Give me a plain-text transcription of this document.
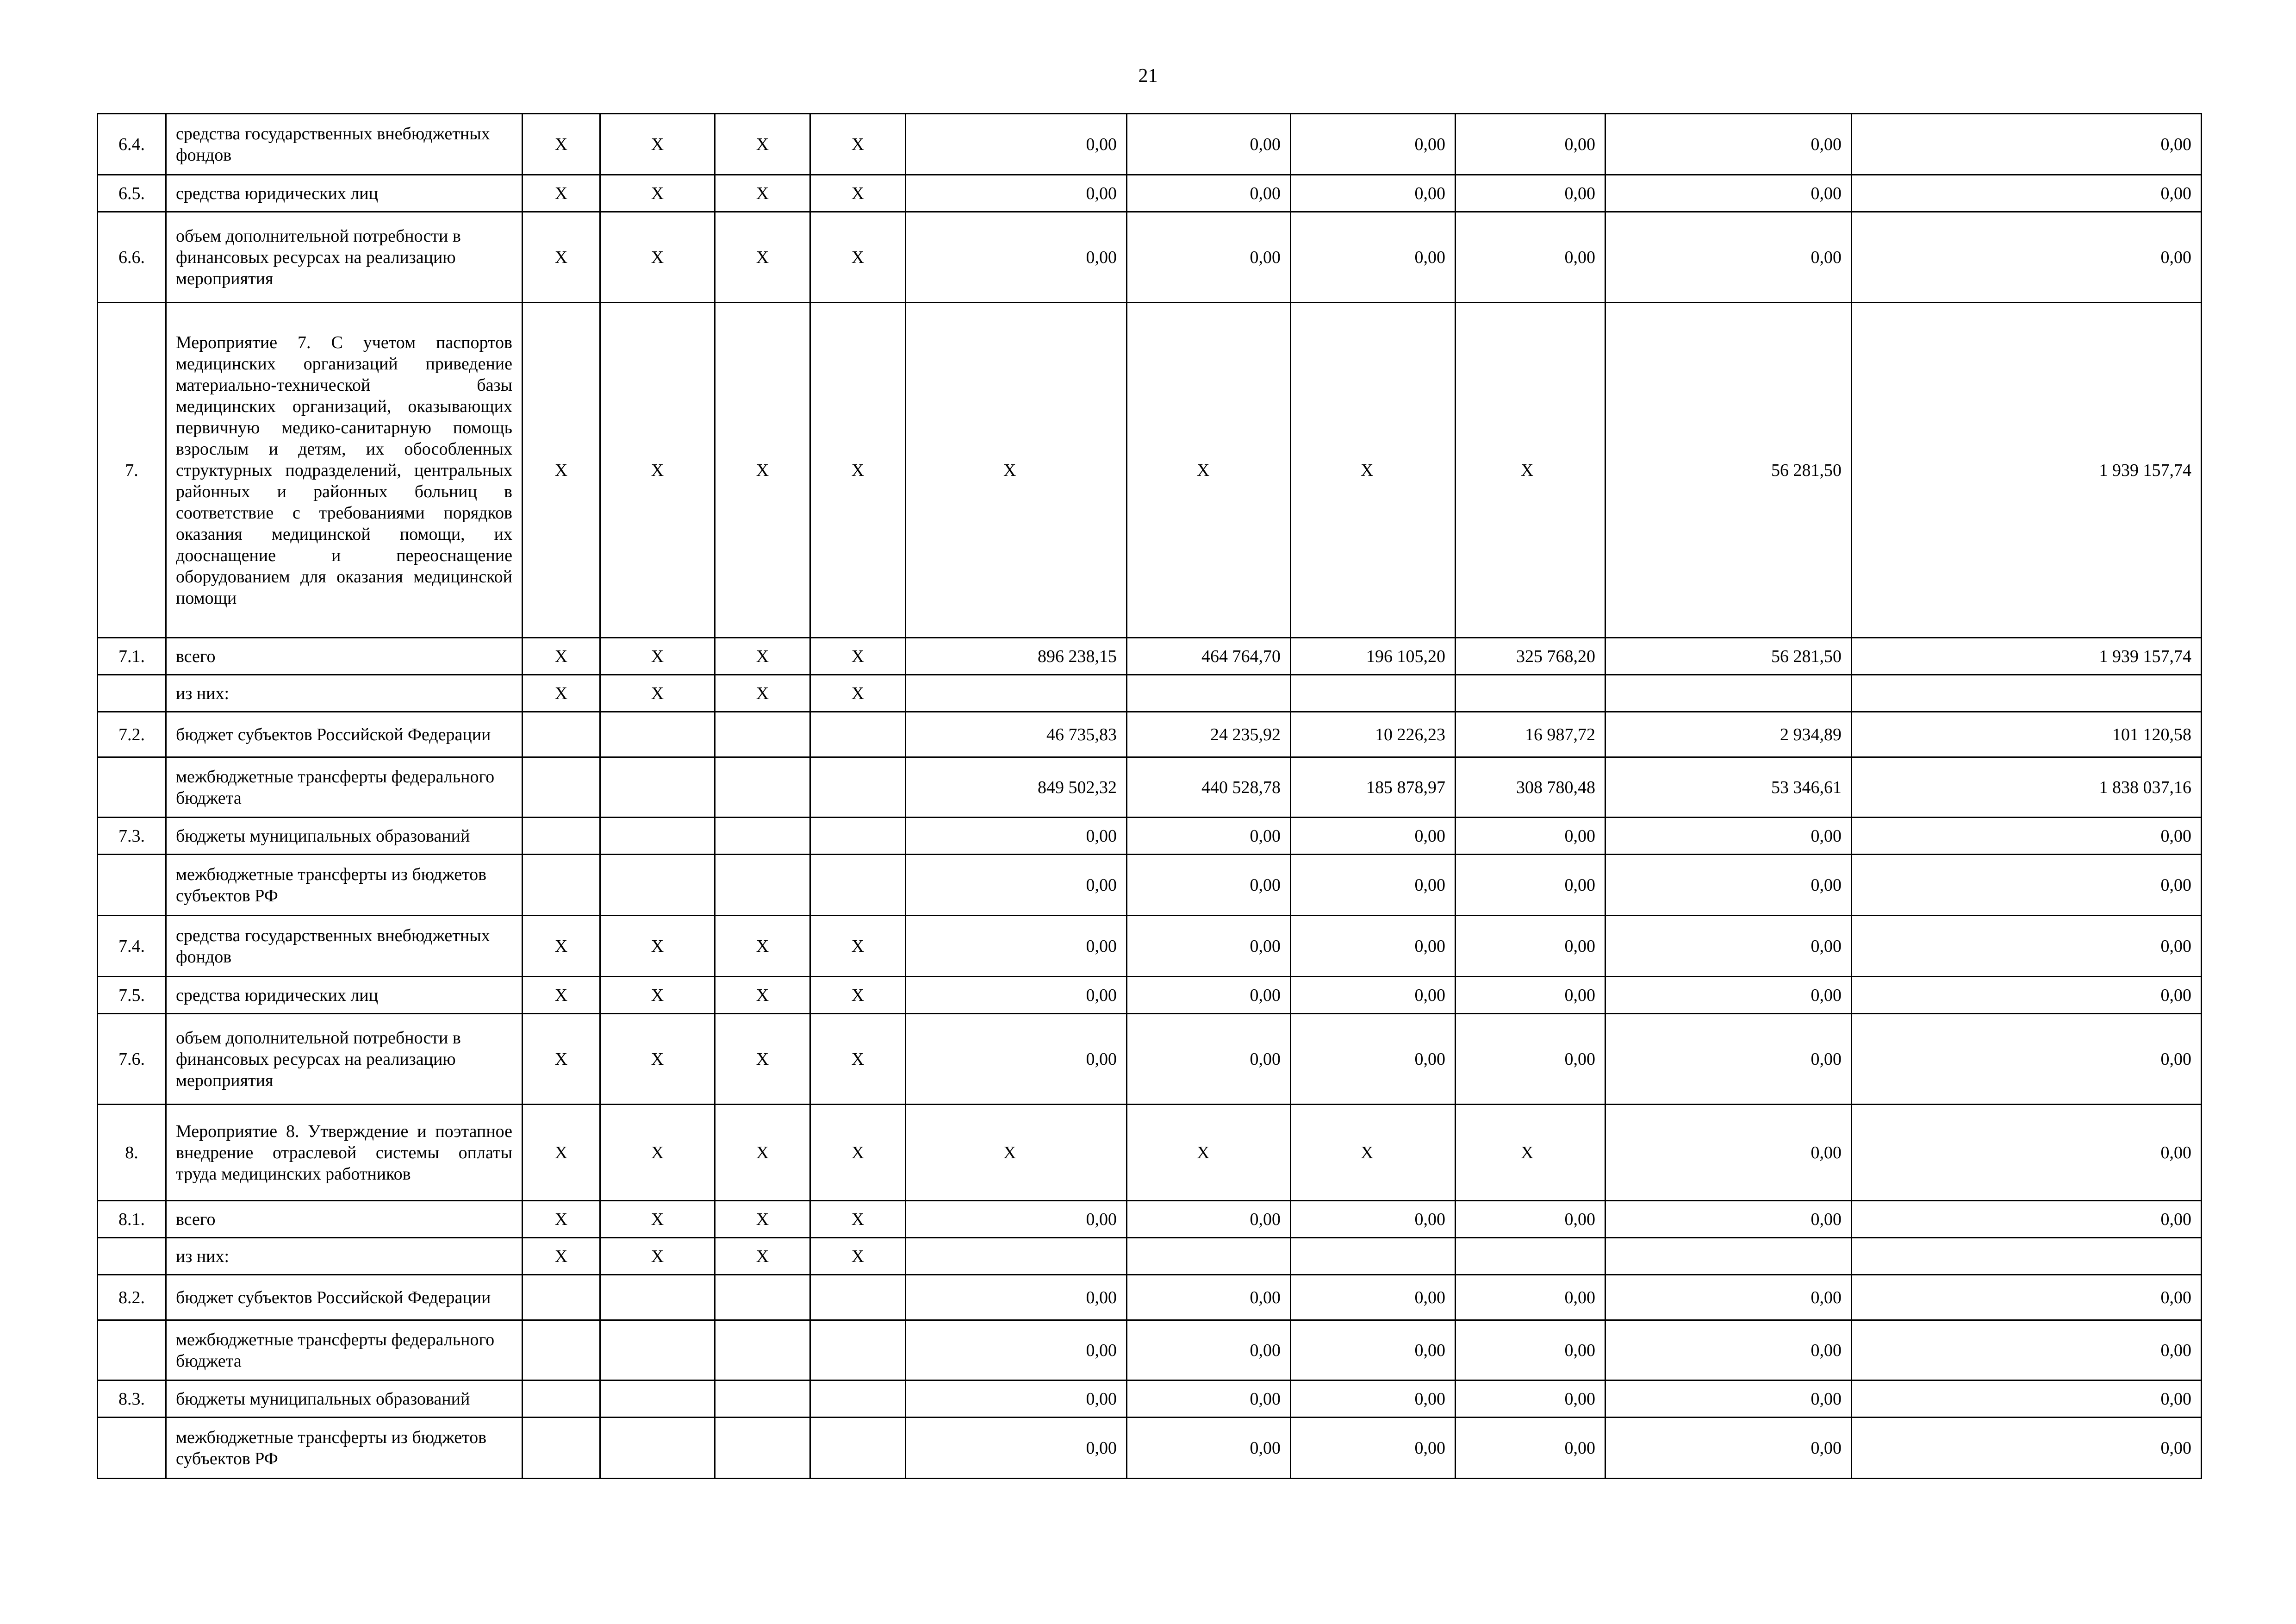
21
6.4.	средства государственных внебюджетных фондов	Х	Х	Х	Х	0,00	0,00	0,00	0,00	0,00	0,00
6.5.	средства юридических лиц	Х	Х	Х	Х	0,00	0,00	0,00	0,00	0,00	0,00
6.6.	объем дополнительной потребности в финансовых ресурсах на реализацию мероприятия	Х	Х	Х	Х	0,00	0,00	0,00	0,00	0,00	0,00
7.	Мероприятие 7. С учетом паспортов медицинских организаций приведение материально-технической базы медицинских организаций, оказывающих первичную медико-санитарную помощь взрослым и детям, их обособленных структурных подразделений, центральных районных и районных больниц в соответствие с требованиями порядков оказания медицинской помощи, их дооснащение и переоснащение оборудованием для оказания медицинской помощи	Х	Х	Х	Х	Х	Х	Х	Х	56 281,50	1 939 157,74
7.1.	всего	Х	Х	Х	Х	896 238,15	464 764,70	196 105,20	325 768,20	56 281,50	1 939 157,74
	из них:	Х	Х	Х	Х						
7.2.	бюджет субъектов Российской Федерации					46 735,83	24 235,92	10 226,23	16 987,72	2 934,89	101 120,58
	межбюджетные трансферты федерального бюджета					849 502,32	440 528,78	185 878,97	308 780,48	53 346,61	1 838 037,16
7.3.	бюджеты муниципальных образований					0,00	0,00	0,00	0,00	0,00	0,00
	межбюджетные трансферты из бюджетов субъектов РФ					0,00	0,00	0,00	0,00	0,00	0,00
7.4.	средства государственных внебюджетных фондов	Х	Х	Х	Х	0,00	0,00	0,00	0,00	0,00	0,00
7.5.	средства юридических лиц	Х	Х	Х	Х	0,00	0,00	0,00	0,00	0,00	0,00
7.6.	объем дополнительной потребности в финансовых ресурсах на реализацию мероприятия	Х	Х	Х	Х	0,00	0,00	0,00	0,00	0,00	0,00
8.	Мероприятие 8. Утверждение и поэтапное внедрение отраслевой системы оплаты труда медицинских работников	Х	Х	Х	Х	Х	Х	Х	Х	0,00	0,00
8.1.	всего	Х	Х	Х	Х	0,00	0,00	0,00	0,00	0,00	0,00
	из них:	Х	Х	Х	Х						
8.2.	бюджет субъектов Российской Федерации					0,00	0,00	0,00	0,00	0,00	0,00
	межбюджетные трансферты федерального бюджета					0,00	0,00	0,00	0,00	0,00	0,00
8.3.	бюджеты муниципальных образований					0,00	0,00	0,00	0,00	0,00	0,00
	межбюджетные трансферты из бюджетов субъектов РФ					0,00	0,00	0,00	0,00	0,00	0,00
